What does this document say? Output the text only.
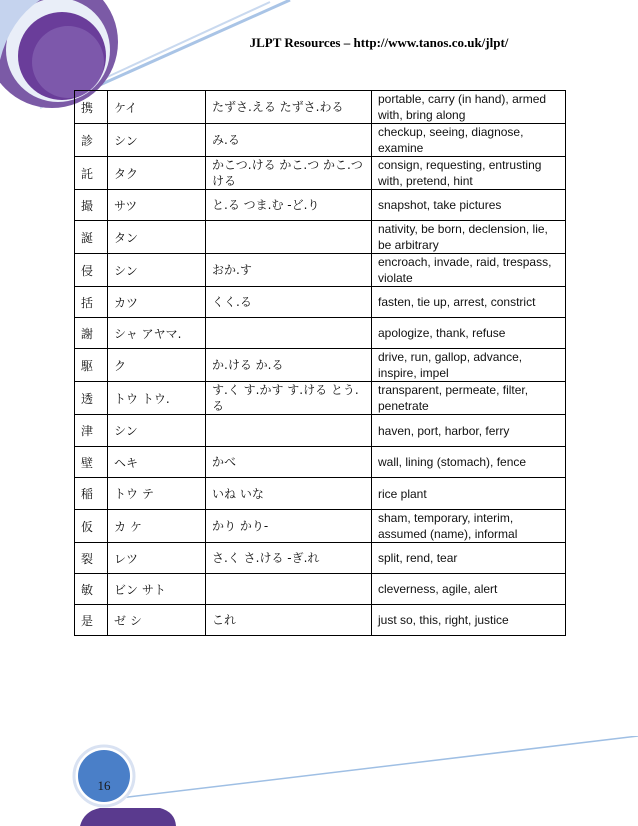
JLPT Resources – http://www.tanos.co.uk/jlpt/
携	ケイ	たずさ.える たずさ.わる	portable, carry (in hand), armed with, bring along
診	シン	み.る	checkup, seeing, diagnose, examine
託	タク	かこつ.ける かこ.つ かこ.つける	consign, requesting, entrusting with, pretend, hint
撮	サツ	と.る つま.む -ど.り	snapshot, take pictures
誕	タン		nativity, be born, declension, lie, be arbitrary
侵	シン	おか.す	encroach, invade, raid, trespass, violate
括	カツ	くく.る	fasten, tie up, arrest, constrict
謝	シャ アヤマ.		apologize, thank, refuse
駆	ク	か.ける か.る	drive, run, gallop, advance, inspire, impel
透	トウ トウ.	す.く す.かす す.ける とう.る	transparent, permeate, filter, penetrate
津	シン		haven, port, harbor, ferry
壁	ヘキ	かべ	wall, lining (stomach), fence
稲	トウ テ	いね いな	rice plant
仮	カ ケ	かり かり-	sham, temporary, interim, assumed (name), informal
裂	レツ	さ.く さ.ける -ぎ.れ	split, rend, tear
敏	ビン サト		cleverness, agile, alert
是	ゼ シ	これ	just so, this, right, justice
16
